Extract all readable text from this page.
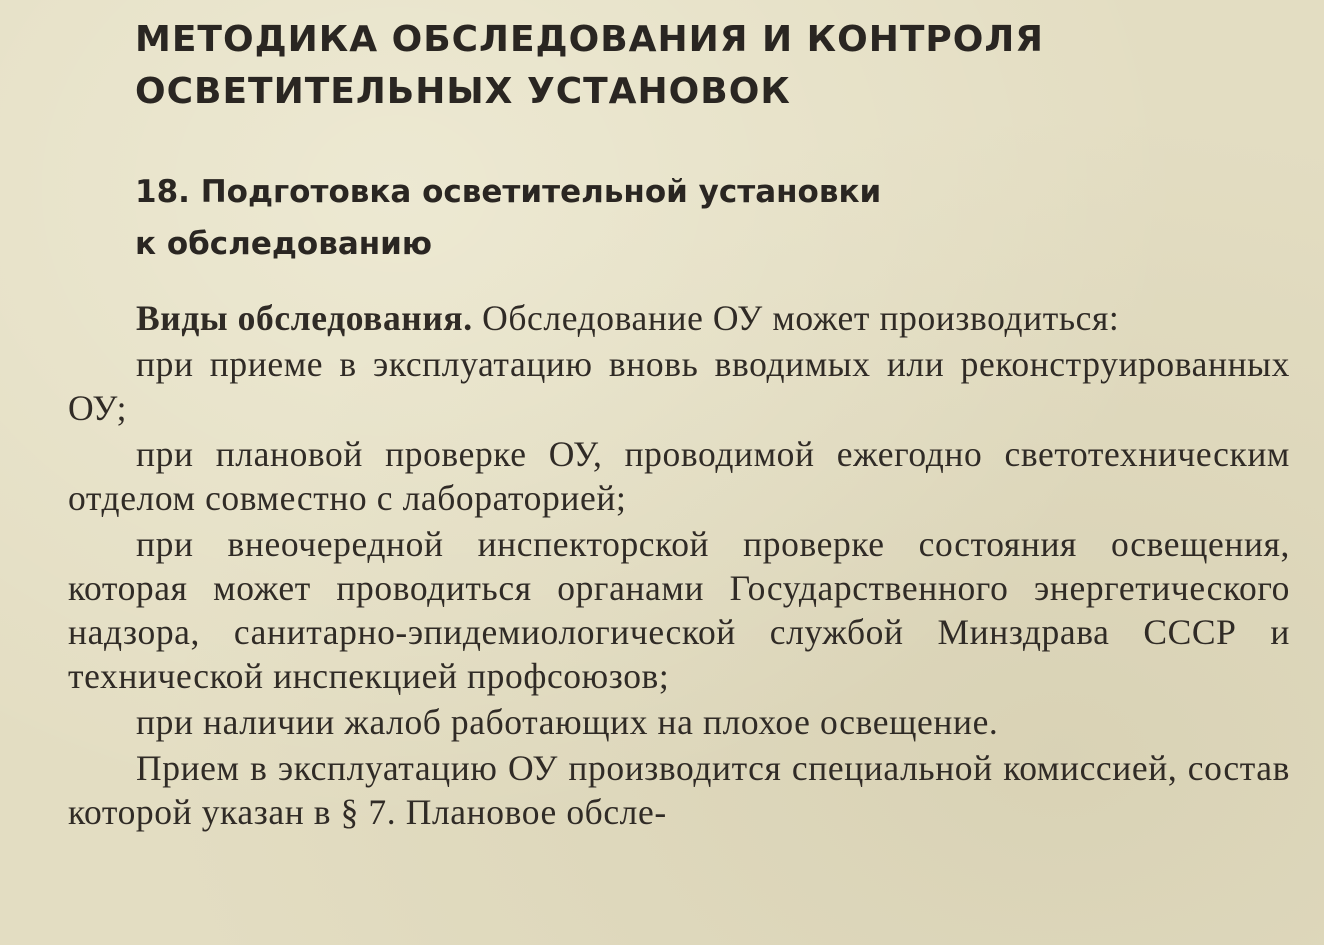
МЕТОДИКА ОБСЛЕДОВАНИЯ И КОНТРОЛЯ
ОСВЕТИТЕЛЬНЫХ УСТАНОВОК
18. Подготовка осветительной установки
к обследованию

Виды обследования. Обследование ОУ может производиться:

при приеме в эксплуатацию вновь вводимых или реконструированных ОУ;

при плановой проверке ОУ, проводимой ежегодно светотехническим отделом совместно с лабораторией;

при внеочередной инспекторской проверке состояния освещения, которая может проводиться органами Государственного энергетического надзора, санитарно-эпидемиологической службой Минздрава СССР и технической инспекцией профсоюзов;

при наличии жалоб работающих на плохое освещение.

Прием в эксплуатацию ОУ производится специальной комиссией, состав которой указан в § 7. Плановое обсле-
